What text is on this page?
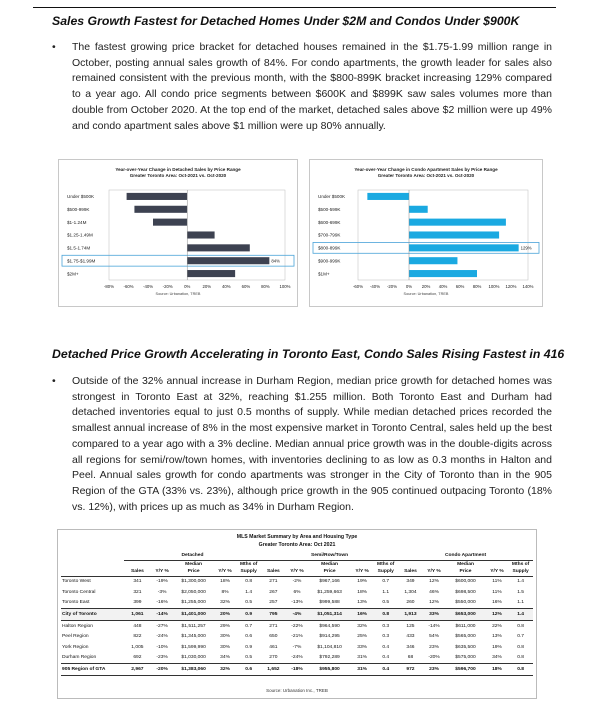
Sales Growth Fastest for Detached Homes Under $2M and Condos Under $900K
• The fastest growing price bracket for detached houses remained in the $1.75-1.99 million range in October, posting annual sales growth of 84%. For condo apartments, the growth leader for sales also remained consistent with the previous month, with the $800-899K bracket increasing 129% compared to a year ago. All condo price segments between $600K and $899K saw sales volumes more than double from October 2020. At the top end of the market, detached sales above $2 million were up 49% and condo apartment sales above $1 million were up 80% annually.
Year-over-Year Change in Detached Sales by Price Range
Greater Toronto Area: Oct-2021 vs. Oct-2020
Under $500K
$500-999K
$1-1.24M
$1.25-1.49M
$1.5-1.74M
$1.75-$1.99M	84%
$2M+
-80% -60% -40% -20%	0%	20%	40%	60%	80% 100%
Source: Urbanation, TREB
Year-over-Year Change in Condo Apartment Sales by Price Range
Greater Toronto Area: Oct-2021 vs. Oct-2020
Under $500K
$500-599K
$600-699K
$700-799K
$800-899K	129%
$900-999K
$1M+
-60% -40% -20% 0% 20% 40% 60% 80% 100% 120% 140%
Source: Urbanation, TREB
Detached Price Growth Accelerating in Toronto East, Condo Sales Rising Fastest in 416
• Outside of the 32% annual increase in Durham Region, median price growth for detached homes was strongest in Toronto East at 32%, reaching $1.255 million. Both Toronto East and Durham had detached inventories equal to just 0.5 months of supply. While median detached prices recorded the smallest annual increase of 8% in the most expensive market in Toronto Central, sales held up the best compared to a year ago with a 3% decline. Median annual price growth was in the double-digits across all regions for semi/row/town homes, with inventories declining to as low as 0.3 months in Halton and Peel. Annual sales growth for condo apartments was stronger in the City of Toronto than in the 905 Region of the GTA (33% vs. 23%), although price growth in the 905 continued outpacing Toronto (18% vs. 12%), with prices up as much as 34% in Durham Region.
MLS Market Summary by Area and Housing Type
Greater Toronto Area: Oct 2021
	Detached					Semi/Row/Town					Condo Apartment				
			Median		Mths of			Median		Mths of			Median		Mths of
	Sales	Y/Y %	Price	Y/Y %	Supply	Sales	Y/Y %	Price	Y/Y %	Supply	Sales	Y/Y %	Price	Y/Y %	Supply
Toronto West	341	-19%	$1,300,000	18%	0.8	271	-2%	$967,166	19%	0.7	349	12%	$600,000	11%	1.4
Toronto Central	321	-3%	$2,050,000	8%	1.4	267	6%	$1,259,663	18%	1.1	1,304	46%	$698,500	11%	1.5
Toronto East	399	-16%	$1,255,000	32%	0.5	257	-13%	$999,588	13%	0.5	260	12%	$550,000	16%	1.1
City of Toronto	1,061	-14%	$1,401,000	20%	0.9	795	-4%	$1,051,314	16%	0.8	1,913	33%	$653,000	12%	1.4
Halton Region	448	-27%	$1,511,257	29%	0.7	271	-22%	$964,590	32%	0.3	125	-14%	$611,000	22%	0.8
Peel Region	822	-24%	$1,345,000	30%	0.6	650	-21%	$914,295	25%	0.3	433	54%	$565,000	13%	0.7
York Region	1,005	-10%	$1,599,990	30%	0.9	461	-7%	$1,104,810	33%	0.4	346	23%	$635,500	19%	0.8
Durham Region	692	-23%	$1,030,000	34%	0.5	270	-24%	$792,289	31%	0.4	68	-20%	$575,000	34%	0.8
905 Region of GTA	2,967	-20%	$1,383,060	32%	0.6	1,652	-18%	$955,800	31%	0.4	972	23%	$596,700	18%	0.8
Source: Urbanation Inc., TREB
